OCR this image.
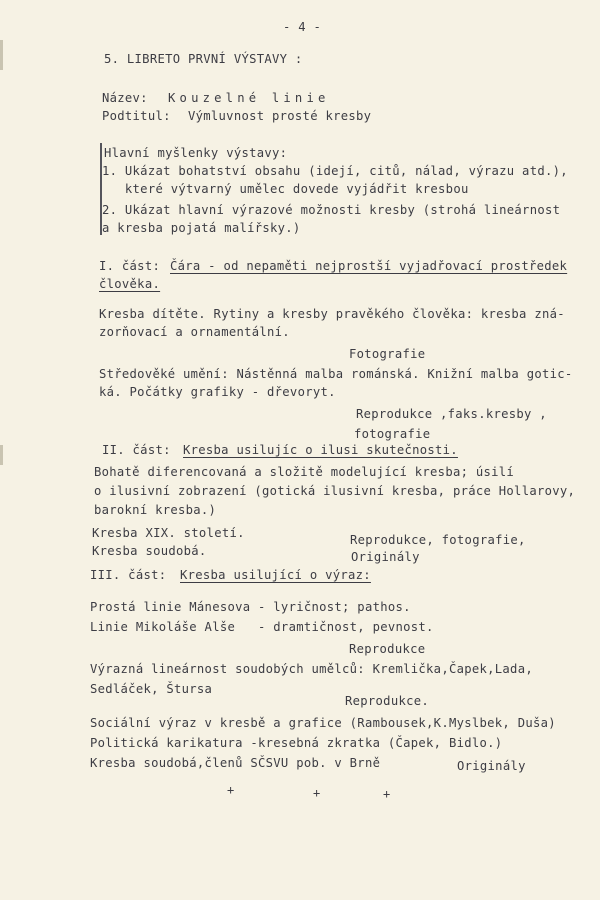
- 4 -
5. LIBRETO PRVNÍ VÝSTAVY :
Název: Kouzelné linie
Podtitul: Výmluvnost prosté kresby
Hlavní myšlenky výstavy:
1. Ukázat bohatství obsahu (idejí, citů, nálad, výrazu atd.),
které výtvarný umělec dovede vyjádřit kresbou
2. Ukázat hlavní výrazové možnosti kresby (strohá lineárnost
a kresba pojatá malířsky.)
I. část: Čára - od nepaměti nejprostší vyjadřovací prostředek
člověka.
Kresba dítěte. Rytiny a kresby pravěkého člověka: kresba zná-
zorňovací a ornamentální.
Fotografie
Středověké umění: Nástěnná malba románská. Knižní malba gotic-
ká. Počátky grafiky - dřevoryt.
Reprodukce ,faks.kresby ,
fotografie
II. část: Kresba usilujíc o ilusi skutečnosti.
Bohatě diferencovaná a složitě modelující kresba; úsilí
o ilusivní zobrazení (gotická ilusivní kresba, práce Hollarovy,
barokní kresba.)
Kresba XIX. století.	Reprodukce, fotografie,
Kresba soudobá.	Originály
III. část: Kresba usilující o výraz:
Prostá linie Mánesova - lyričnost; pathos.
Linie Mikoláše Alše   - dramtičnost, pevnost.
Reprodukce
Výrazná lineárnost soudobých umělců: Kremlička,Čapek,Lada,
Sedláček, Štursa
Reprodukce.
Sociální výraz v kresbě a grafice (Rambousek,K.Myslbek, Duša)
Politická karikatura -kresebná zkratka (Čapek, Bidlo.)
Kresba soudobá,členů SČSVU pob. v Brně	Originály
+	+	+
